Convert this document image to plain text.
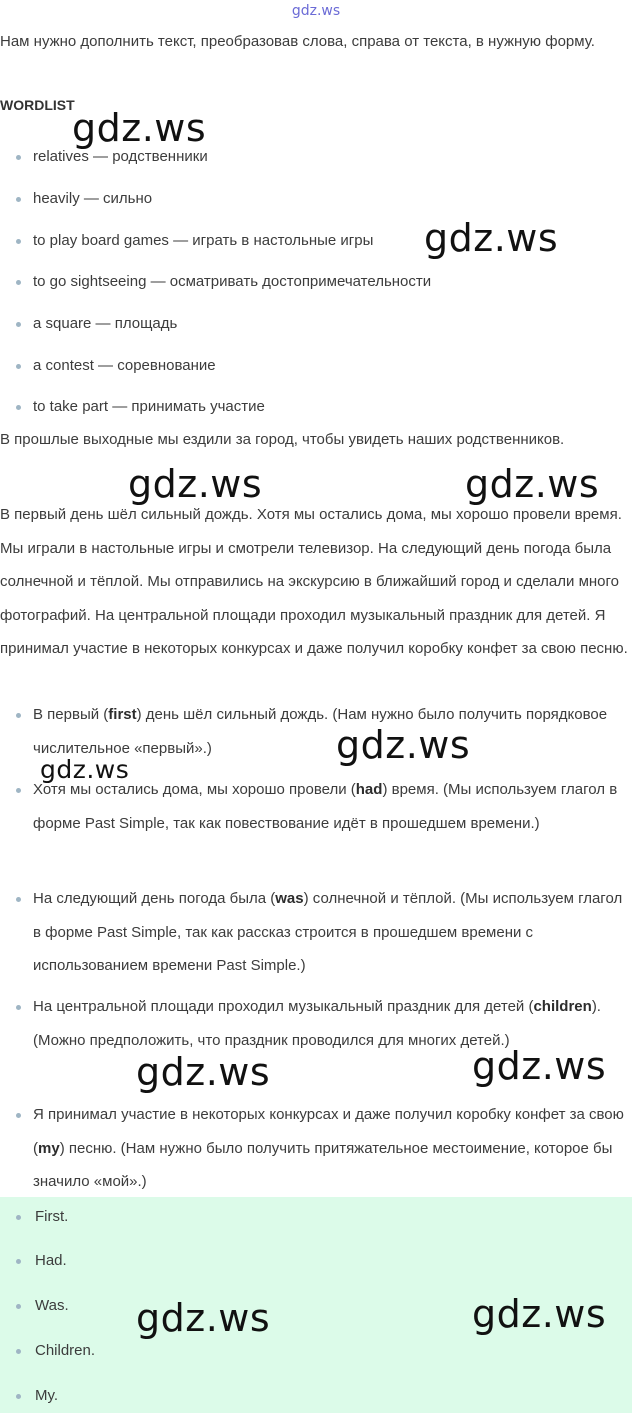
gdz.ws

Нам нужно дополнить текст, преобразовав слова, справа от текста, в нужную форму.

WORDLIST
relatives — родственники
heavily — сильно
to play board games — играть в настольные игры
to go sightseeing — осматривать достопримечательности
a square — площадь
a contest — соревнование
to take part — принимать участие

В прошлые выходные мы ездили за город, чтобы увидеть наших родственников.

В первый день шёл сильный дождь. Хотя мы остались дома, мы хорошо провели время. Мы играли в настольные игры и смотрели телевизор. На следующий день погода была солнечной и тёплой. Мы отправились на экскурсию в ближайший город и сделали много фотографий. На центральной площади проходил музыкальный праздник для детей. Я принимал участие в некоторых конкурсах и даже получил коробку конфет за свою песню.

В первый (first) день шёл сильный дождь. (Нам нужно было получить порядковое числительное «первый».)
Хотя мы остались дома, мы хорошо провели (had) время. (Мы используем глагол в форме Past Simple, так как повествование идёт в прошедшем времени.)
На следующий день погода была (was) солнечной и тёплой. (Мы используем глагол в форме Past Simple, так как рассказ строится в прошедшем времени с использованием времени Past Simple.)
На центральной площади проходил музыкальный праздник для детей (children). (Можно предположить, что праздник проводился для многих детей.)
Я принимал участие в некоторых конкурсах и даже получил коробку конфет за свою (my) песню. (Нам нужно было получить притяжательное местоимение, которое бы значило «мой».)
First.
Had.
Was.
Children.
My.
gdz.ws
gdz.ws
gdz.ws	gdz.ws
gdz.ws
gdz.ws
gdz.ws	gdz.ws
gdz.ws	gdz.ws
